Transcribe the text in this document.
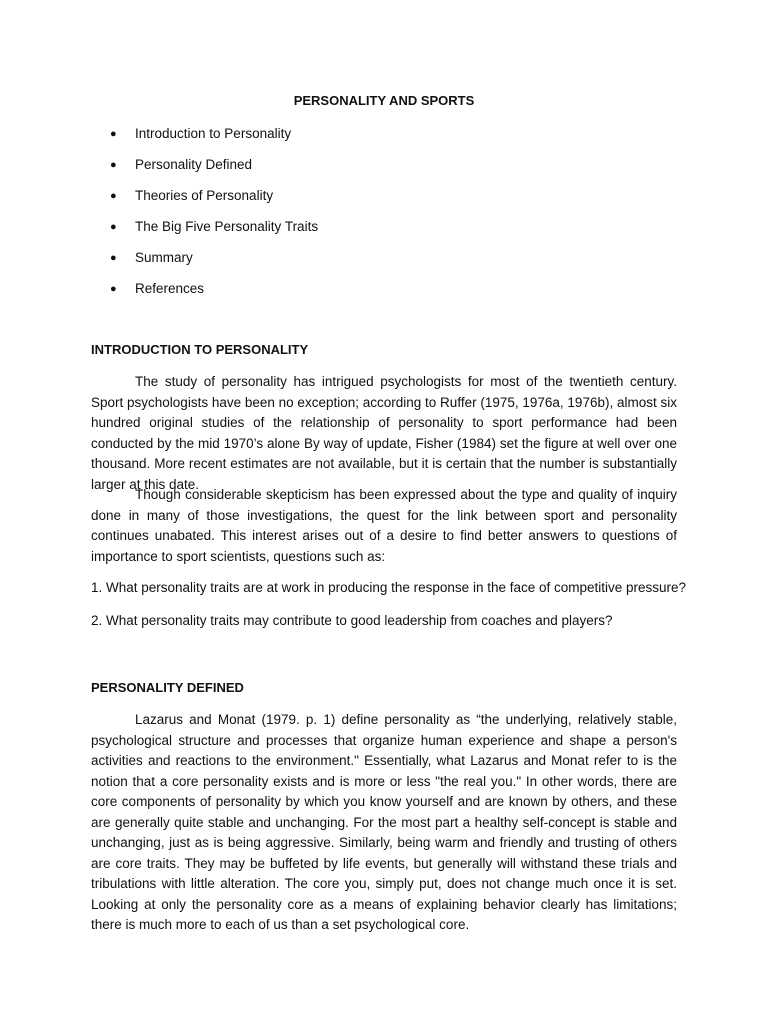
PERSONALITY AND SPORTS
● Introduction to Personality
● Personality Defined
● Theories of Personality
● The Big Five Personality Traits
● Summary
● References
INTRODUCTION TO PERSONALITY

The study of personality has intrigued psychologists for most of the twentieth century. Sport psychologists have been no exception; according to Ruffer (1975, 1976a, 1976b), almost six hundred original studies of the relationship of personality to sport performance had been conducted by the mid 1970’s alone By way of update, Fisher (1984) set the figure at well over one thousand. More recent estimates are not available, but it is certain that the number is substantially larger at this date.

Though considerable skepticism has been expressed about the type and quality of inquiry done in many of those investigations, the quest for the link between sport and personality continues unabated. This interest arises out of a desire to find better answers to questions of importance to sport scientists, questions such as:

1. What personality traits are at work in producing the response in the face of competitive pressure?

2. What personality traits may contribute to good leadership from coaches and players?

PERSONALITY DEFINED

Lazarus and Monat (1979. p. 1) define personality as “the underlying, relatively stable, psychological structure and processes that organize human experience and shape a person's activities and reactions to the environment." Essentially, what Lazarus and Monat refer to is the notion that a core personality exists and is more or less "the real you." In other words, there are core components of personality by which you know yourself and are known by others, and these are generally quite stable and unchanging. For the most part a healthy self-concept is stable and unchanging, just as is being aggressive. Similarly, being warm and friendly and trusting of others are core traits. They may be buffeted by life events, but generally will withstand these trials and tribulations with little alteration. The core you, simply put, does not change much once it is set. Looking at only the personality core as a means of explaining behavior clearly has limitations; there is much more to each of us than a set psychological core.
